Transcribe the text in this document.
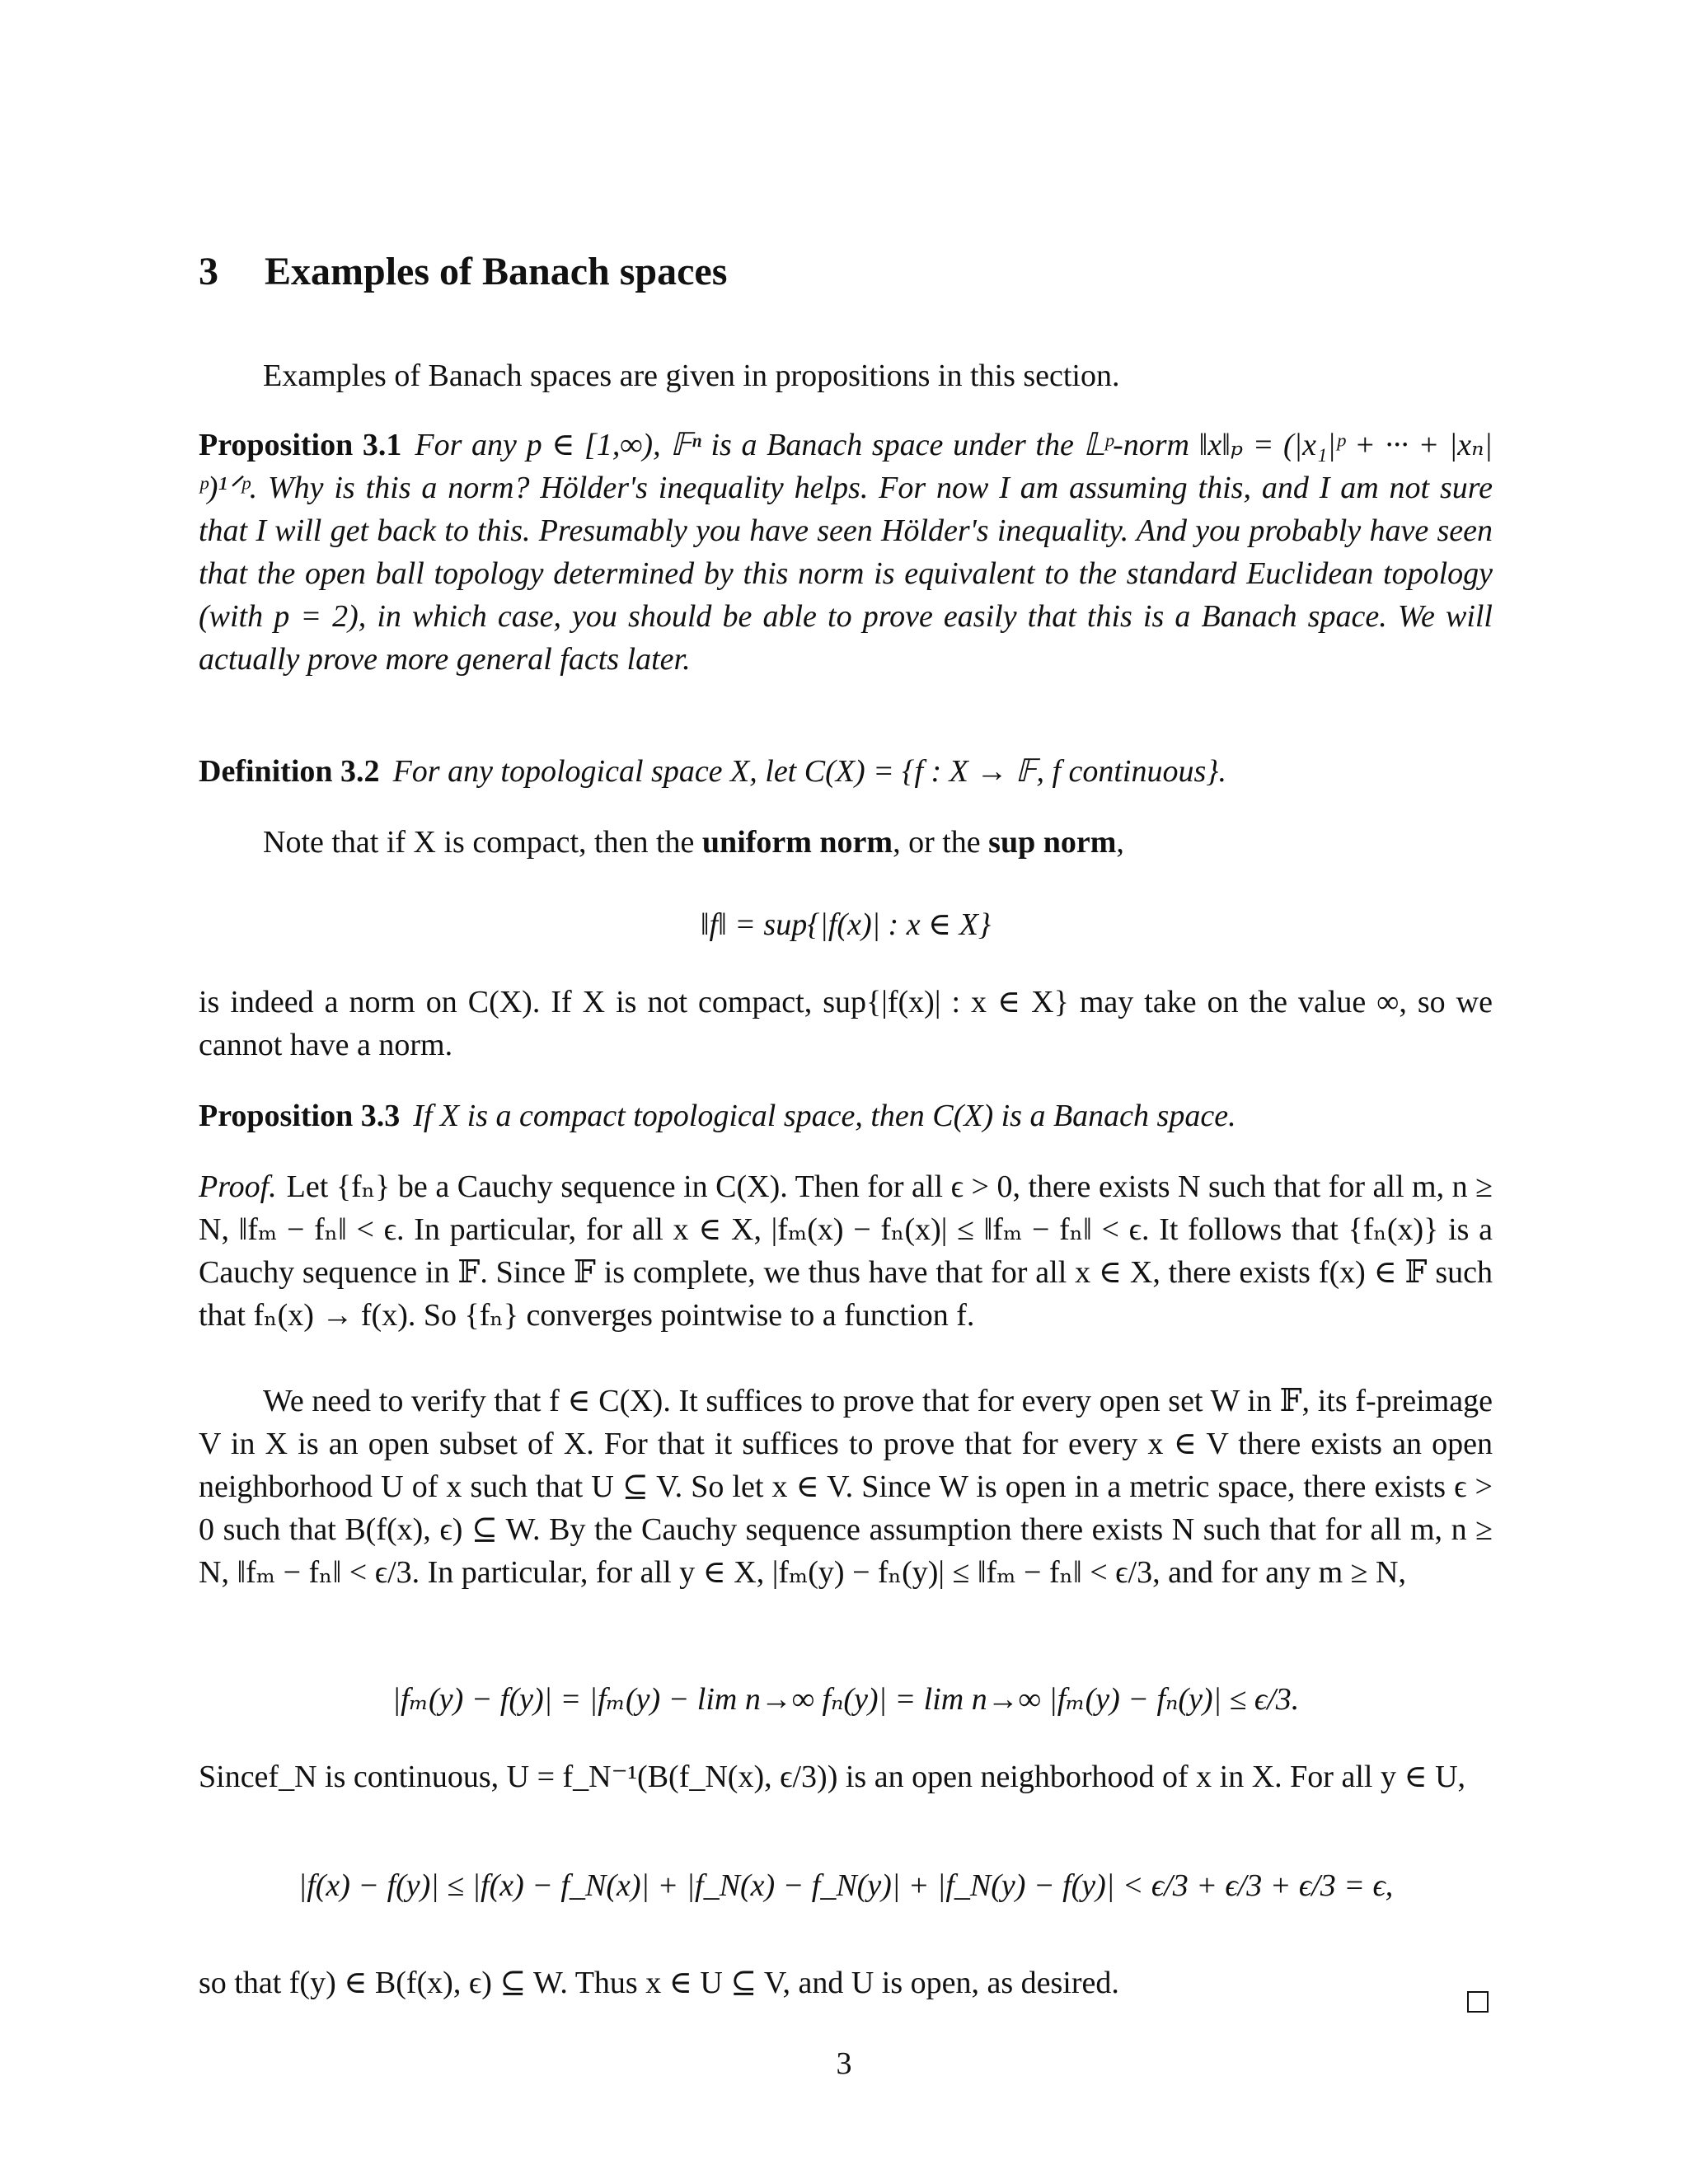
3 Examples of Banach spaces

Examples of Banach spaces are given in propositions in this section.

Proposition 3.1 For any p ∈ [1,∞), 𝔽ⁿ is a Banach space under the 𝕃ᵖ-norm ‖x‖ₚ = (|x₁|ᵖ + ··· + |xₙ|ᵖ)¹ᐟᵖ. Why is this a norm? Hölder's inequality helps. For now I am assuming this, and I am not sure that I will get back to this. Presumably you have seen Hölder's inequality. And you probably have seen that the open ball topology determined by this norm is equivalent to the standard Euclidean topology (with p = 2), in which case, you should be able to prove easily that this is a Banach space. We will actually prove more general facts later.
Definition 3.2 For any topological space X, let C(X) = {f : X → 𝔽, f continuous}.

Note that if X is compact, then the uniform norm, or the sup norm,

‖f‖ = sup{|f(x)| : x ∈ X}

is indeed a norm on C(X). If X is not compact, sup{|f(x)| : x ∈ X} may take on the value ∞, so we cannot have a norm.

Proposition 3.3 If X is a compact topological space, then C(X) is a Banach space.

Proof. Let {fₙ} be a Cauchy sequence in C(X). Then for all ϵ > 0, there exists N such that for all m, n ≥ N, ‖fₘ − fₙ‖ < ϵ. In particular, for all x ∈ X, |fₘ(x) − fₙ(x)| ≤ ‖fₘ − fₙ‖ < ϵ. It follows that {fₙ(x)} is a Cauchy sequence in 𝔽. Since 𝔽 is complete, we thus have that for all x ∈ X, there exists f(x) ∈ 𝔽 such that fₙ(x) → f(x). So {fₙ} converges pointwise to a function f.

We need to verify that f ∈ C(X). It suffices to prove that for every open set W in 𝔽, its f-preimage V in X is an open subset of X. For that it suffices to prove that for every x ∈ V there exists an open neighborhood U of x such that U ⊆ V. So let x ∈ V. Since W is open in a metric space, there exists ϵ > 0 such that B(f(x), ϵ) ⊆ W. By the Cauchy sequence assumption there exists N such that for all m, n ≥ N, ‖fₘ − fₙ‖ < ϵ/3. In particular, for all y ∈ X, |fₘ(y) − fₙ(y)| ≤ ‖fₘ − fₙ‖ < ϵ/3, and for any m ≥ N,

|fₘ(y) − f(y)| = |fₘ(y) − lim n→∞ fₙ(y)| = lim n→∞ |fₘ(y) − fₙ(y)| ≤ ϵ/3.

Sincef_N is continuous, U = f_N⁻¹(B(f_N(x), ϵ/3)) is an open neighborhood of x in X. For all y ∈ U,

|f(x) − f(y)| ≤ |f(x) − f_N(x)| + |f_N(x) − f_N(y)| + |f_N(y) − f(y)| < ϵ/3 + ϵ/3 + ϵ/3 = ϵ,

so that f(y) ∈ B(f(x), ϵ) ⊆ W. Thus x ∈ U ⊆ V, and U is open, as desired.

3
